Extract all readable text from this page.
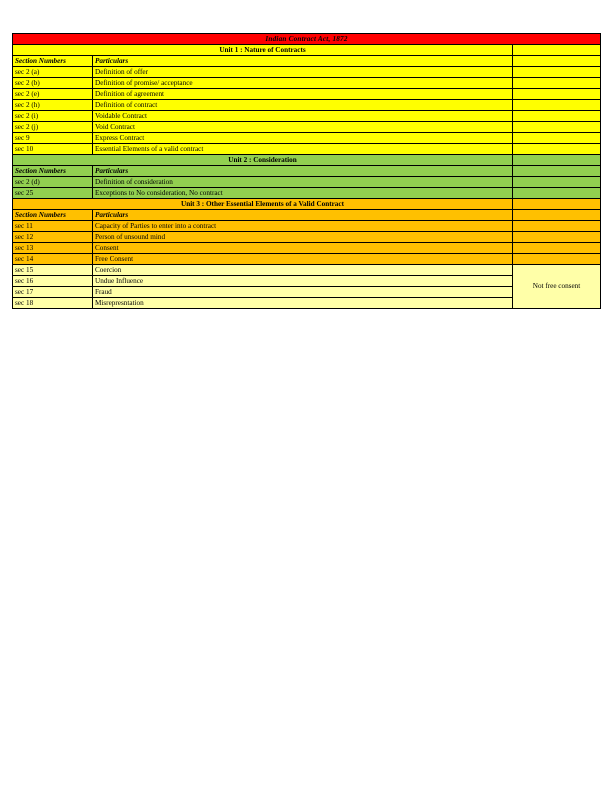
Indian Contract Act, 1872		
Unit 1 : Nature of Contracts		
Section Numbers	Particulars	
sec 2 (a)	Definition of offer	
sec 2 (b)	Definition of promise/ acceptance	
sec 2 (e)	Definition of agreement	
sec 2 (h)	Definition of contract	
sec 2 (i)	Voidable Contract	
sec 2 (j)	Void Contract	
sec 9	Express Contract	
sec 10	Essential Elements of a valid contract	
Unit 2 : Consideration		
Section Numbers	Particulars	
sec 2 (d)	Definition of consideration	
sec 25	Exceptions to No consideration, No contract	
Unit 3 : Other Essential Elements of a Valid Contract		
Section Numbers	Particulars	
sec 11	Capacity of Parties to enter into a contract	
sec 12	Person of unsound mind	
sec 13	Consent	
sec 14	Free Consent	
sec 15	Coercion	Not free consent
sec 16	Undue Influence	
sec 17	Fraud	
sec 18	Misrepresntation	
